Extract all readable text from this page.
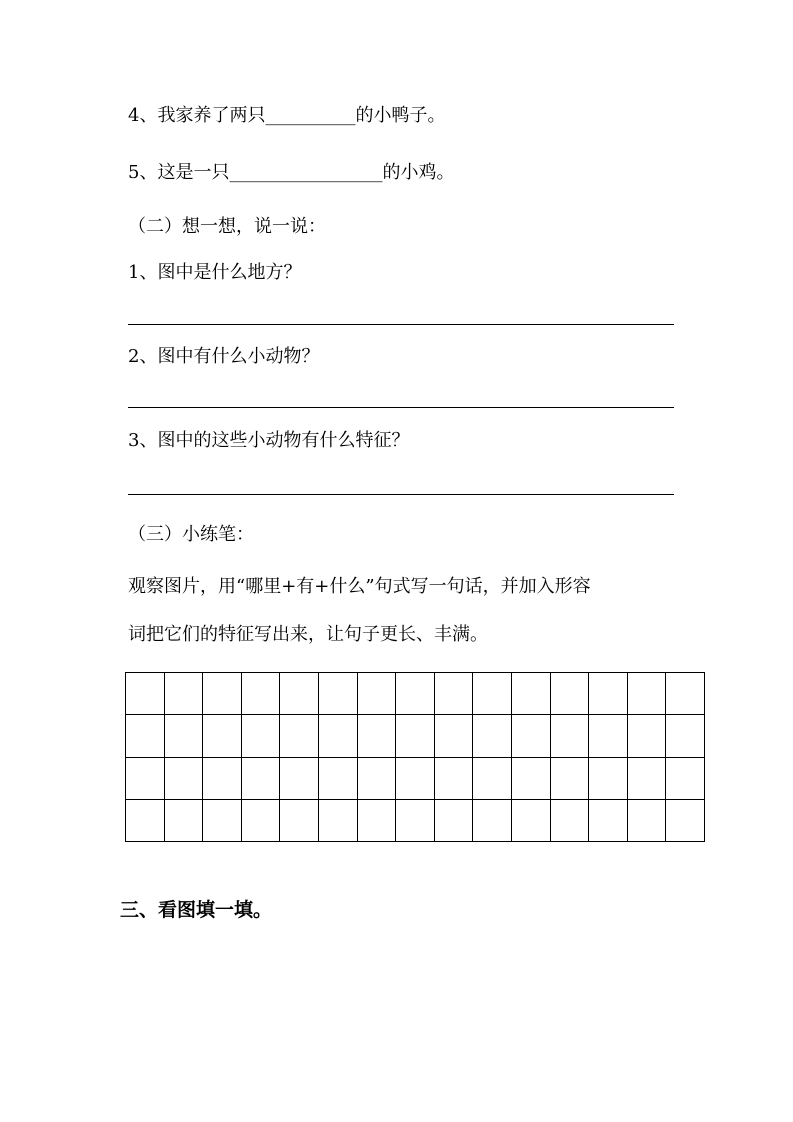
4、我家养了两只__________的小鸭子。
5、这是一只_________________的小鸡。
（二）想一想，说一说：
1、图中是什么地方？
2、图中有什么小动物？
3、图中的这些小动物有什么特征？
（三）小练笔：
观察图片，用“哪里+有+什么”句式写一句话，并加入形容
词把它们的特征写出来，让句子更长、丰满。

三、看图填一填。
